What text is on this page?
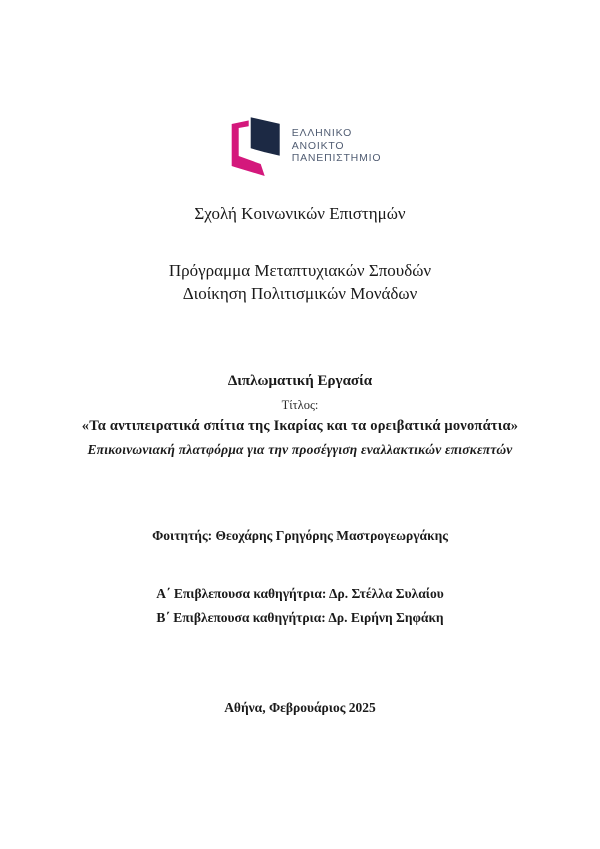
ΕΛΛΗΝΙΚΟ
ΑΝΟΙΚΤΟ
ΠΑΝΕΠΙΣΤΗΜΙΟ
Σχολή Κοινωνικών Επιστημών
Πρόγραμμα Μεταπτυχιακών Σπουδών
Διοίκηση Πολιτισμικών Μονάδων
Διπλωματική Εργασία
Τίτλος:
«Τα αντιπειρατικά σπίτια της Ικαρίας και τα ορειβατικά μονοπάτια»
Επικοινωνιακή πλατφόρμα για την προσέγγιση εναλλακτικών επισκεπτών
Φοιτητής: Θεοχάρης Γρηγόρης Μαστρογεωργάκης
Α΄ Επιβλεπουσα καθηγήτρια: Δρ. Στέλλα Συλαίου
Β΄ Επιβλεπουσα καθηγήτρια: Δρ. Ειρήνη Σηφάκη
Αθήνα, Φεβρουάριος 2025
